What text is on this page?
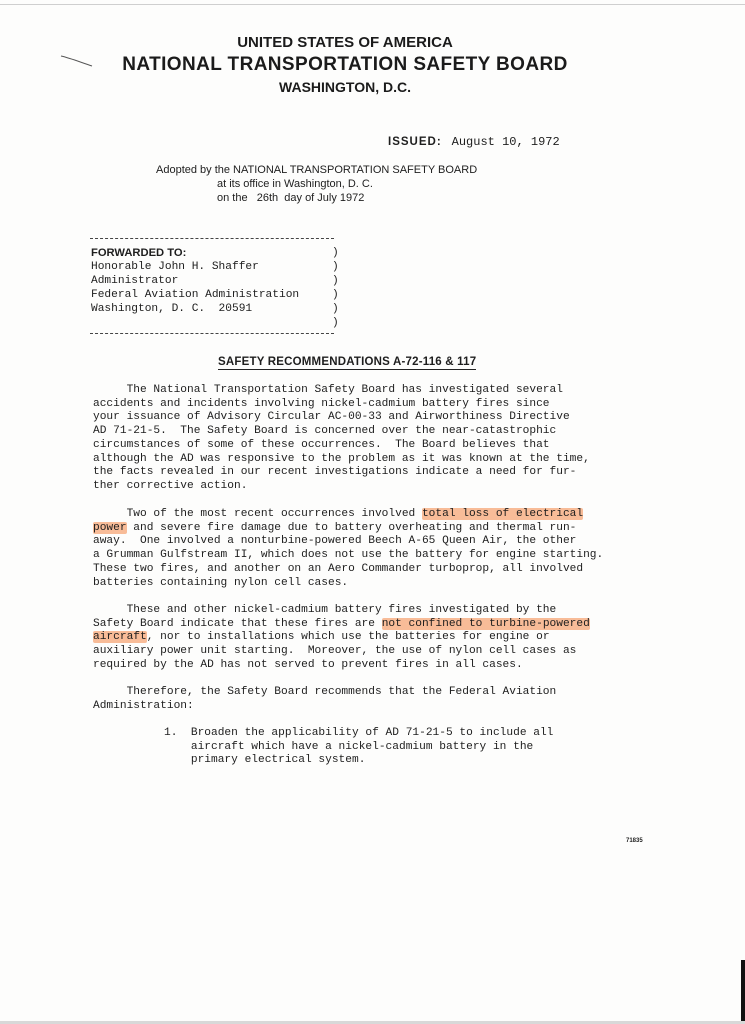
UNITED STATES OF AMERICA
NATIONAL TRANSPORTATION SAFETY BOARD
WASHINGTON, D.C.
ISSUED: August 10, 1972
Adopted by the NATIONAL TRANSPORTATION SAFETY BOARD
at its office in Washington, D. C.
on the   26th  day of July 1972
FORWARDED TO:
Honorable John H. Shaffer
Administrator
Federal Aviation Administration
Washington, D. C.  20591
)
)
)
)
)
)
SAFETY RECOMMENDATIONS A-72-116 & 117
The National Transportation Safety Board has investigated several
accidents and incidents involving nickel-cadmium battery fires since
your issuance of Advisory Circular AC-00-33 and Airworthiness Directive
AD 71-21-5.  The Safety Board is concerned over the near-catastrophic
circumstances of some of these occurrences.  The Board believes that
although the AD was responsive to the problem as it was known at the time,
the facts revealed in our recent investigations indicate a need for fur-
ther corrective action.
Two of the most recent occurrences involved total loss of electrical
power and severe fire damage due to battery overheating and thermal run-
away.  One involved a nonturbine-powered Beech A-65 Queen Air, the other
a Grumman Gulfstream II, which does not use the battery for engine starting.
These two fires, and another on an Aero Commander turboprop, all involved
batteries containing nylon cell cases.
These and other nickel-cadmium battery fires investigated by the
Safety Board indicate that these fires are not confined to turbine-powered
aircraft, nor to installations which use the batteries for engine or
auxiliary power unit starting.  Moreover, the use of nylon cell cases as
required by the AD has not served to prevent fires in all cases.
Therefore, the Safety Board recommends that the Federal Aviation
Administration:
1.  Broaden the applicability of AD 71-21-5 to include all
aircraft which have a nickel-cadmium battery in the
primary electrical system.
71835
